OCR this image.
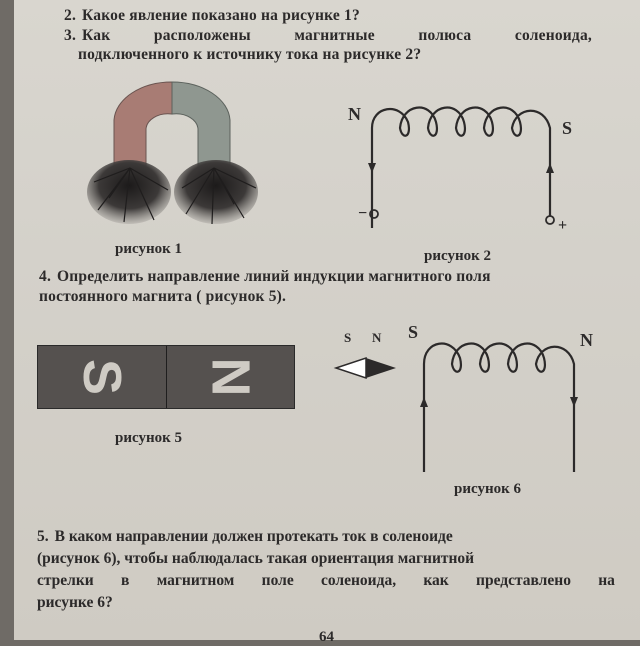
2. Какое явление показано на рисунке 1?
3. Как	расположены	магнитные	полюса	соленоида,
подключенного к источнику тока на рисунке 2?
рисунок 1
N
S
−
+
рисунок 2
4. Определить направление линий индукции магнитного поля
постоянного магнита ( рисунок 5).
S N
рисунок 5
S N S	N
рисунок 6
5. В каком направлении должен протекать ток в соленоиде
(рисунок 6), чтобы наблюдалась такая ориентация магнитной
стрелки в магнитном поле соленоида, как представлено на
рисунке 6?
64
